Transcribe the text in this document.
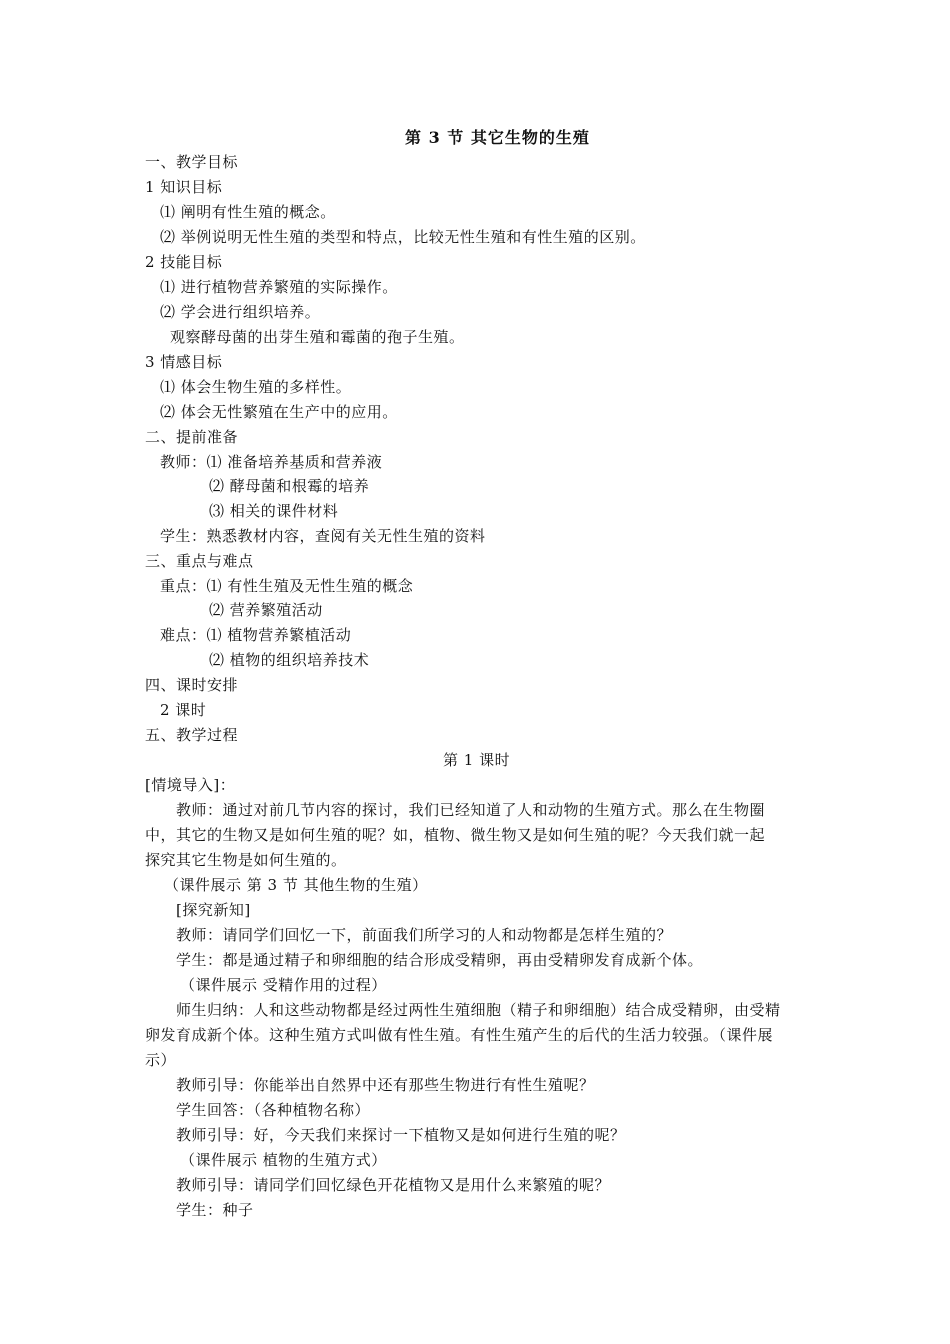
第 3 节 其它生物的生殖
一、教学目标
1 知识目标
⑴ 阐明有性生殖的概念。
⑵ 举例说明无性生殖的类型和特点，比较无性生殖和有性生殖的区别。
2 技能目标
⑴ 进行植物营养繁殖的实际操作。
⑵ 学会进行组织培养。
观察酵母菌的出芽生殖和霉菌的孢子生殖。
3 情感目标
⑴ 体会生物生殖的多样性。
⑵ 体会无性繁殖在生产中的应用。
二、提前准备
教师：⑴ 准备培养基质和营养液
⑵ 酵母菌和根霉的培养
⑶ 相关的课件材料
学生：熟悉教材内容，查阅有关无性生殖的资料
三、重点与难点
重点：⑴ 有性生殖及无性生殖的概念
⑵ 营养繁殖活动
难点：⑴ 植物营养繁植活动
⑵ 植物的组织培养技术
四、课时安排
2 课时
五、教学过程
第 1 课时
[情境导入]：
教师：通过对前几节内容的探讨，我们已经知道了人和动物的生殖方式。那么在生物圈
中，其它的生物又是如何生殖的呢？如，植物、微生物又是如何生殖的呢？今天我们就一起
探究其它生物是如何生殖的。
（课件展示 第 3 节 其他生物的生殖）
[探究新知]
教师：请同学们回忆一下，前面我们所学习的人和动物都是怎样生殖的？
学生：都是通过精子和卵细胞的结合形成受精卵，再由受精卵发育成新个体。
（课件展示 受精作用的过程）
师生归纳：人和这些动物都是经过两性生殖细胞（精子和卵细胞）结合成受精卵，由受精
卵发育成新个体。这种生殖方式叫做有性生殖。有性生殖产生的后代的生活力较强。（课件展
示）
教师引导：你能举出自然界中还有那些生物进行有性生殖呢？
学生回答：（各种植物名称）
教师引导：好，今天我们来探讨一下植物又是如何进行生殖的呢？
（课件展示 植物的生殖方式）
教师引导：请同学们回忆绿色开花植物又是用什么来繁殖的呢？
学生：种子
